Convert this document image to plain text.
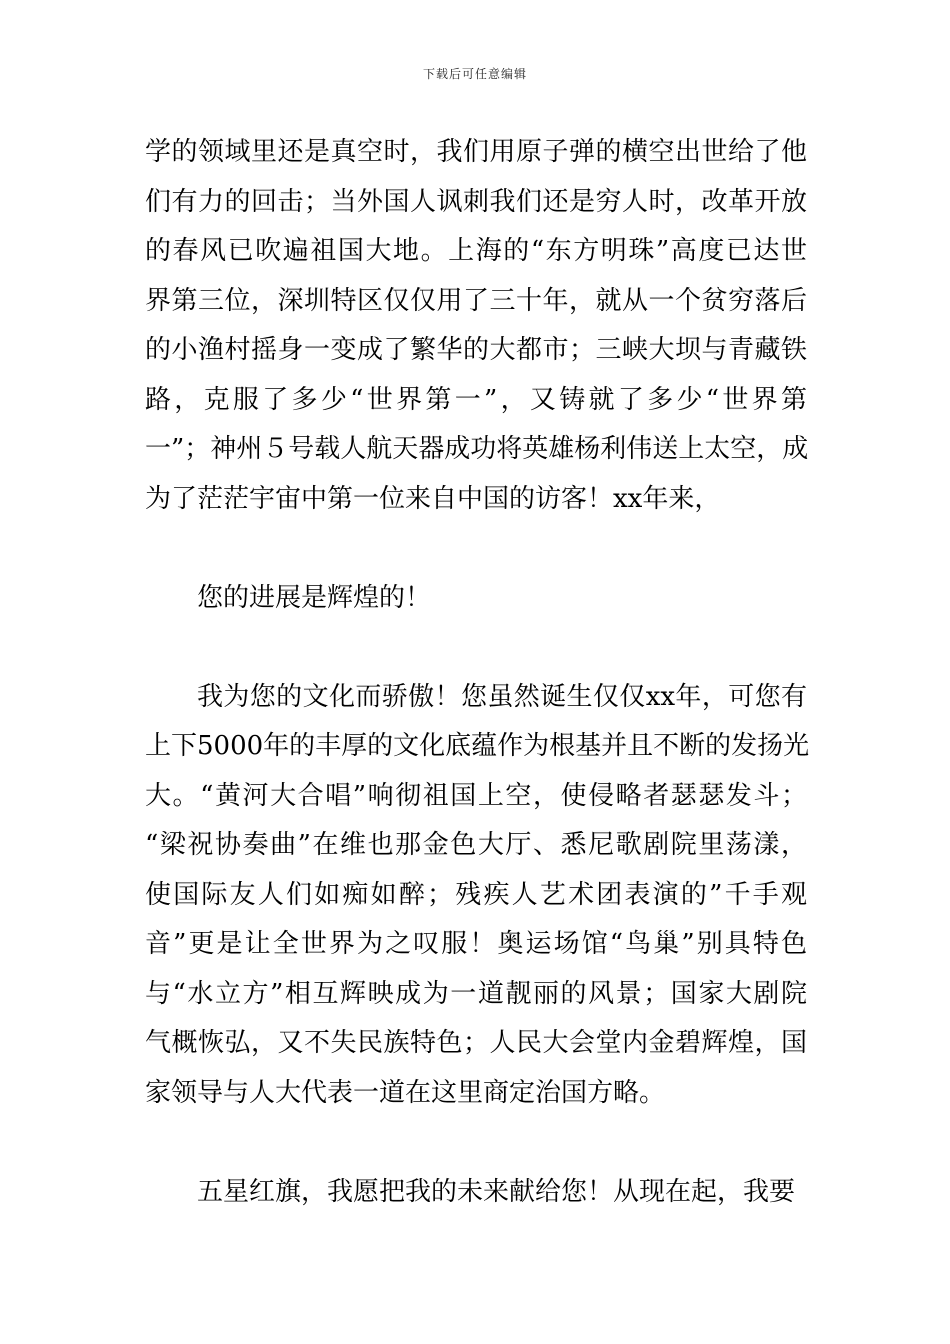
下载后可任意编辑
学的领域里还是真空时，我们用原子弹的横空出世给了他
们有力的回击；当外国人讽刺我们还是穷人时，改革开放
的春风已吹遍祖国大地。上海的“东方明珠”高度已达世
界第三位，深圳特区仅仅用了三十年，就从一个贫穷落后
的小渔村摇身一变成了繁华的大都市；三峡大坝与青藏铁
路，克服了多少“世界第一”，又铸就了多少“世界第
一”；神州５号载人航天器成功将英雄杨利伟送上太空，成
为了茫茫宇宙中第一位来自中国的访客！xx年来，
您的进展是辉煌的！
我为您的文化而骄傲！您虽然诞生仅仅xx年，可您有
上下5000年的丰厚的文化底蕴作为根基并且不断的发扬光
大。“黄河大合唱”响彻祖国上空，使侵略者瑟瑟发斗；
“梁祝协奏曲”在维也那金色大厅、悉尼歌剧院里荡漾，
使国际友人们如痴如醉；残疾人艺术团表演的”千手观
音”更是让全世界为之叹服！奥运场馆“鸟巢”别具特色
与“水立方”相互辉映成为一道靓丽的风景；国家大剧院
气概恢弘，又不失民族特色；人民大会堂内金碧辉煌，国
家领导与人大代表一道在这里商定治国方略。
五星红旗，我愿把我的未来献给您！从现在起，我要
